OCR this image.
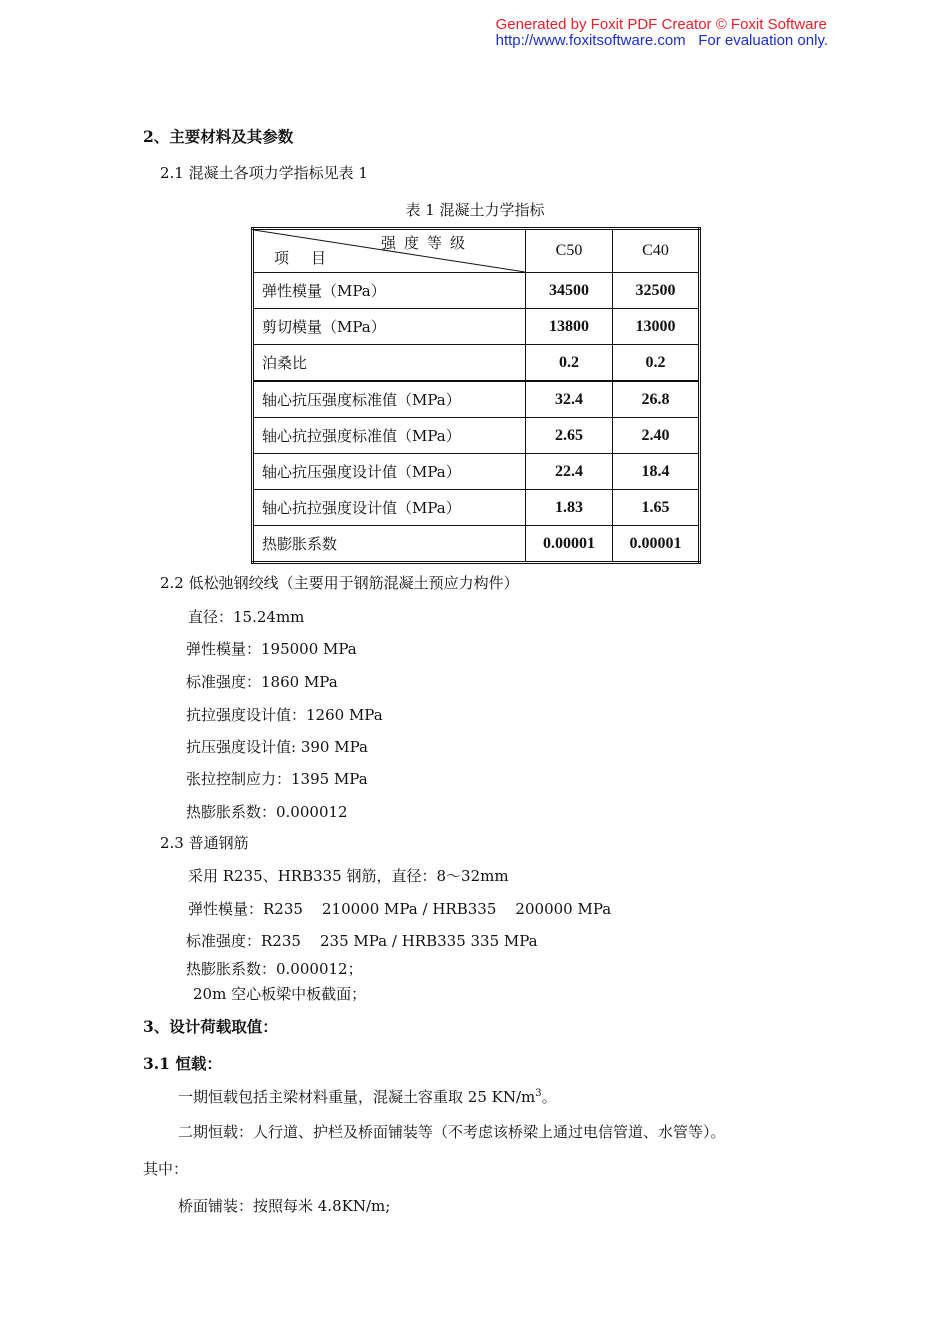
Generated by Foxit PDF Creator © Foxit Software
http://www.foxitsoftware.com For evaluation only.
2、主要材料及其参数
2.1 混凝土各项力学指标见表 1
表 1 混凝土力学指标
强度等级
项目	C50	C40
弹性模量（MPa）	34500	32500
剪切模量（MPa）	13800	13000
泊桑比	0.2	0.2
轴心抗压强度标准值（MPa）	32.4	26.8
轴心抗拉强度标准值（MPa）	2.65	2.40
轴心抗压强度设计值（MPa）	22.4	18.4
轴心抗拉强度设计值（MPa）	1.83	1.65
热膨胀系数	0.00001	0.00001
2.2 低松弛钢绞线（主要用于钢筋混凝土预应力构件）
直径：15.24mm
弹性模量：195000 MPa
标准强度：1860 MPa
抗拉强度设计值：1260 MPa
抗压强度设计值: 390 MPa
张拉控制应力：1395 MPa
热膨胀系数：0.000012
2.3 普通钢筋
采用 R235、HRB335 钢筋，直径：8～32mm
弹性模量：R235    210000 MPa / HRB335    200000 MPa
标准强度：R235    235 MPa / HRB335 335 MPa
热膨胀系数：0.000012；
20m 空心板梁中板截面；
3、设计荷载取值：
3.1 恒载：
一期恒载包括主梁材料重量，混凝土容重取 25 $KN/m^3$。
二期恒载：人行道、护栏及桥面铺装等（不考虑该桥梁上通过电信管道、水管等）。
其中：
桥面铺装：按照每米 4.8KN/m;
